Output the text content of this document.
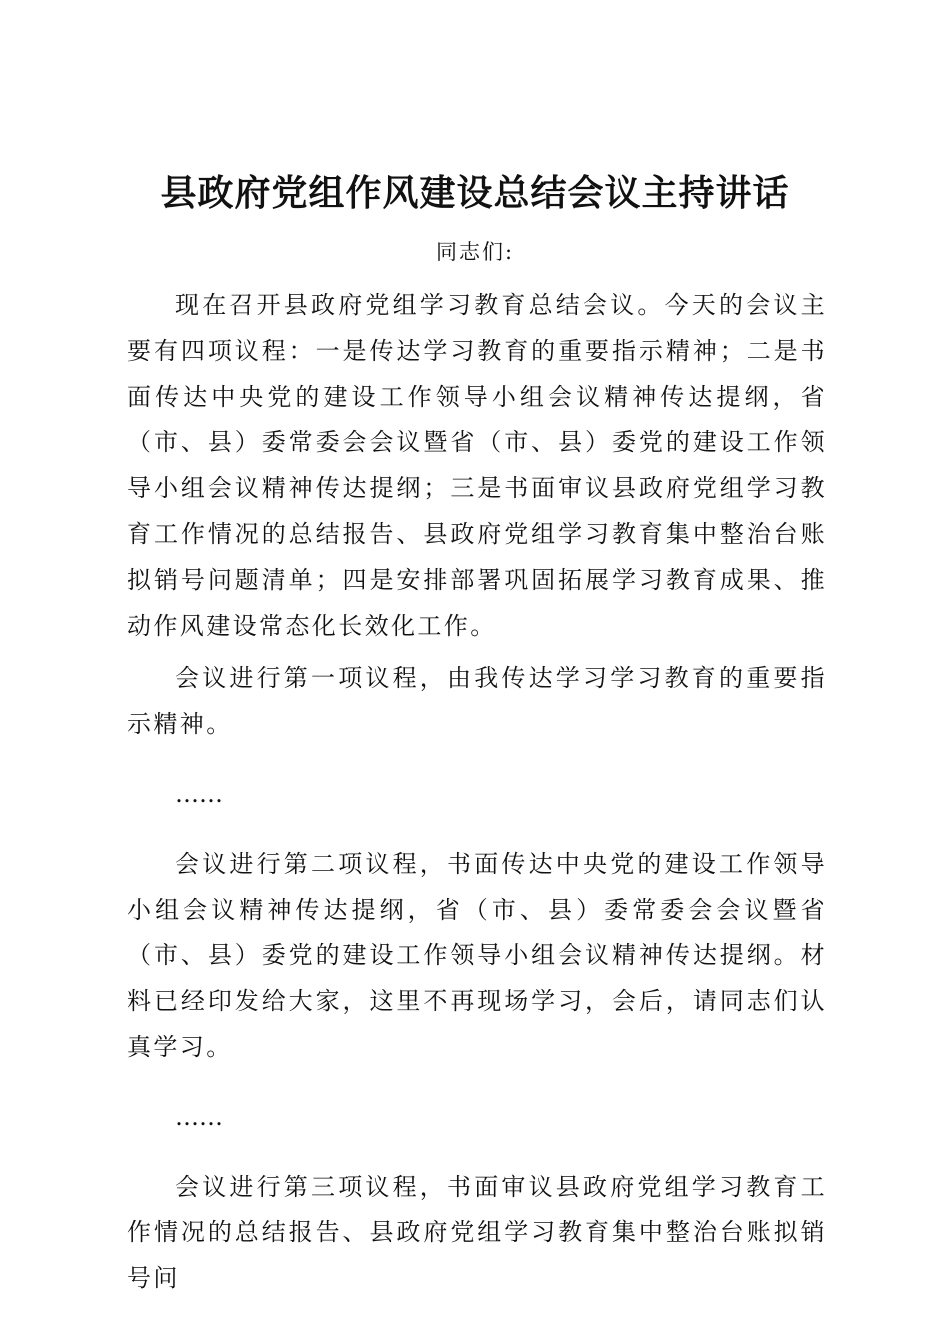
县政府党组作风建设总结会议主持讲话
同志们:

现在召开县政府党组学习教育总结会议。今天的会议主要有四项议程：一是传达学习教育的重要指示精神；二是书面传达中央党的建设工作领导小组会议精神传达提纲，省（市、县）委常委会会议暨省（市、县）委党的建设工作领导小组会议精神传达提纲；三是书面审议县政府党组学习教育工作情况的总结报告、县政府党组学习教育集中整治台账拟销号问题清单；四是安排部署巩固拓展学习教育成果、推动作风建设常态化长效化工作。

会议进行第一项议程，由我传达学习学习教育的重要指示精神。

……

会议进行第二项议程，书面传达中央党的建设工作领导小组会议精神传达提纲，省（市、县）委常委会会议暨省（市、县）委党的建设工作领导小组会议精神传达提纲。材料已经印发给大家，这里不再现场学习，会后，请同志们认真学习。

……

会议进行第三项议程，书面审议县政府党组学习教育工作情况的总结报告、县政府党组学习教育集中整治台账拟销号问
